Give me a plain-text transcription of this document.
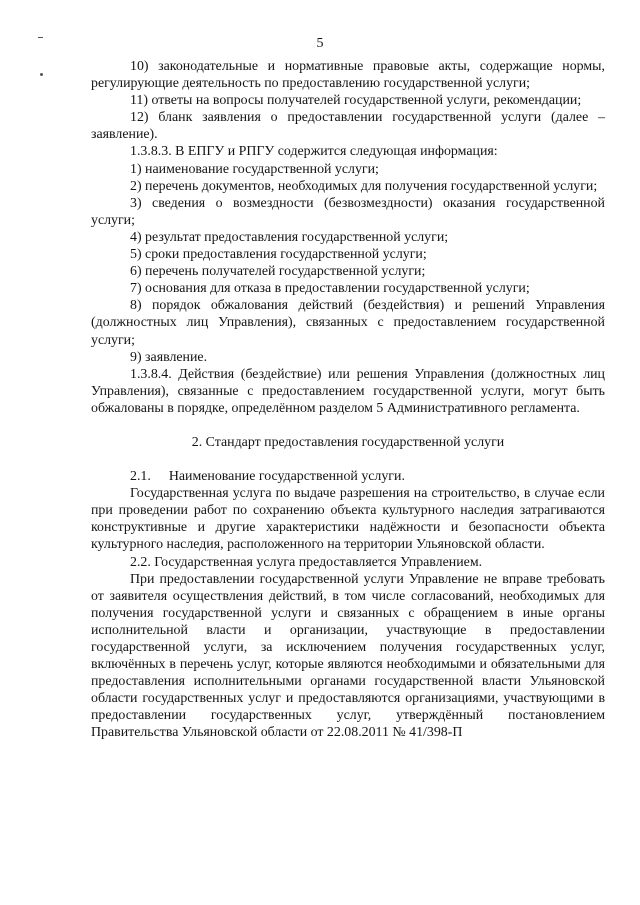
5

10) законодательные и нормативные правовые акты, содержащие нормы, регулирующие деятельность по предоставлению государственной услуги;

11) ответы на вопросы получателей государственной услуги, рекомендации;

12) бланк заявления о предоставлении государственной услуги (далее – заявление).

1.3.8.3. В ЕПГУ и РПГУ содержится следующая информация:

1) наименование государственной услуги;

2) перечень документов, необходимых для получения государственной услуги;

3) сведения о возмездности (безвозмездности) оказания государственной услуги;

4) результат предоставления государственной услуги;

5) сроки предоставления государственной услуги;

6) перечень получателей государственной услуги;

7) основания для отказа в предоставлении государственной услуги;

8) порядок обжалования действий (бездействия) и решений Управления (должностных лиц Управления), связанных с предоставлением государственной услуги;

9) заявление.

1.3.8.4. Действия (бездействие) или решения Управления (должностных лиц Управления), связанные с предоставлением государственной услуги, могут быть обжалованы в порядке, определённом разделом 5 Административного регламента.

2. Стандарт предоставления государственной услуги

2.1. Наименование государственной услуги.

Государственная услуга по выдаче разрешения на строительство, в случае если при проведении работ по сохранению объекта культурного наследия затрагиваются конструктивные и другие характеристики надёжности и безопасности объекта культурного наследия, расположенного на территории Ульяновской области.

2.2. Государственная услуга предоставляется Управлением.

При предоставлении государственной услуги Управление не вправе требовать от заявителя осуществления действий, в том числе согласований, необходимых для получения государственной услуги и связанных с обращением в иные органы исполнительной власти и организации, участвующие в предоставлении государственной услуги, за исключением получения государственных услуг, включённых в перечень услуг, которые являются необходимыми и обязательными для предоставления исполнительными органами государственной власти Ульяновской области государственных услуг и предоставляются организациями, участвующими в предоставлении государственных услуг, утверждённый постановлением Правительства Ульяновской области от 22.08.2011 № 41/398-П
